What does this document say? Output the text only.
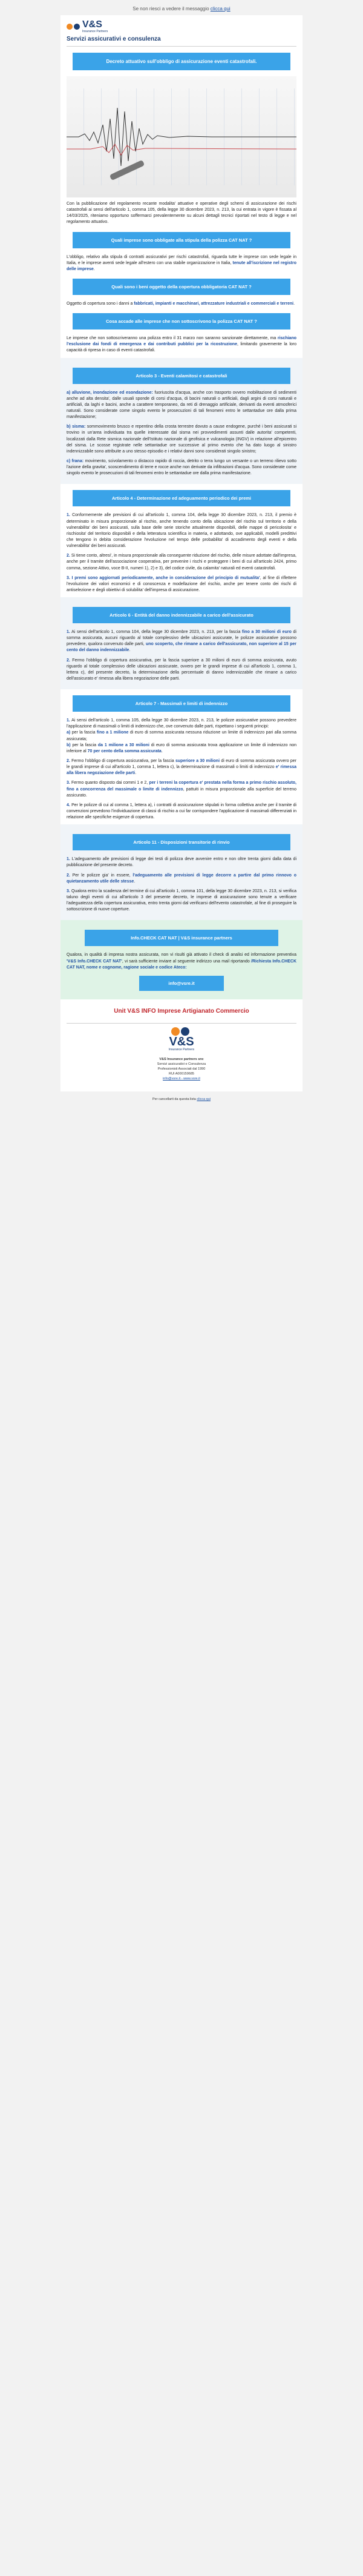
Se non riesci a vedere il messaggio clicca qui
V&S
Insurance Partners
Servizi assicurativi e consulenza
Decreto attuativo sull'obbligo di assicurazione eventi catastrofali.

Con la pubblicazione del regolamento recante modalita' attuative e operative degli schemi di assicurazione dei rischi catastrofali ai sensi dell'articolo 1, comma 105, della legge 30 dicembre 2023, n. 213, la cui entrata in vigore è fissata al 14/03/2025, riteniamo opportuno soffermarci prevalentemente su alcuni dettagli tecnici riportati nel testo di legge e nel regolamento attuativo.

Quali imprese sono obbligate alla stipula della polizza CAT NAT ?

L'obbligo, relativo alla stipula di contratti assicurativi per rischi catastrofali, riguarda tutte le imprese con sede legale in Italia, e le imprese aventi sede legale all'estero con una stabile organizzazione in Italia, tenute all'iscrizione nel registro delle imprese.

Quali sono i beni oggetto della copertura obbligatoria CAT NAT ?

Oggetto di copertura sono i danni a fabbricati, impianti e macchinari, attrezzature industriali e commerciali e terreni.

Cosa accade alle imprese che non sottoscrivono la polizza CAT NAT ?

Le imprese che non sottoscriveranno una polizza entro il 31 marzo non saranno sanzionate direttamente, ma rischiano l'esclusione dai fondi di emergenza e dai contributi pubblici per la ricostruzione, limitando gravemente la loro capacità di ripresa in caso di eventi catastrofali.

Articolo 3 - Eventi calamitosi e catastrofali

a) alluvione, inondazione ed esondazione: fuoriuscita d'acqua, anche con trasporto ovvero mobilitazione di sedimenti anche ad alta densita', dalle usuali sponde di corsi d'acqua, di bacini naturali o artificiali, dagli argini di corsi naturali e artificiali, da laghi e bacini, anche a carattere temporaneo, da reti di drenaggio artificiale, derivanti da eventi atmosferici naturali. Sono considerate come singolo evento le prosecuzioni di tali fenomeni entro le settantadue ore dalla prima manifestazione;

b) sisma: sommovimento brusco e repentino della crosta terrestre dovuto a cause endogene, purché i beni assicurati si trovino in un'area individuata tra quelle interessate dal sisma nei provvedimenti assunti dalle autorita' competenti, localizzati dalla Rete sismica nazionale dell'Istituto nazionale di geofisica e vulcanologia (INGV) in relazione all'epicentro del sisma. Le scosse registrate nelle settantadue ore successive al primo evento che ha dato luogo al sinistro indennizzabile sono attribuite a uno stesso episodio e i relativi danni sono considerati singolo sinistro;

c) frana: movimento, scivolamento o distacco rapido di roccia, detrito o terra lungo un versante o un terreno rilievo sotto l'azione della gravita', scoscendimento di terre e rocce anche non derivate da infiltrazioni d'acqua. Sono considerate come singolo evento le prosecuzioni di tali fenomeni entro le settantadue ore dalla prima manifestazione.

Articolo 4 - Determinazione ed adeguamento periodico dei premi

1. Conformemente alle previsioni di cui all'articolo 1, comma 104, della legge 30 dicembre 2023, n. 213, il premio è determinato in misura proporzionale al rischio, anche tenendo conto della ubicazione del rischio sul territorio e della vulnerabilita' dei beni assicurati, sulla base delle serie storiche attualmente disponibili, delle mappe di pericolosita' e rischiosita' del territorio disponibili e della letteratura scientifica in materia, e adottando, ove applicabili, modelli predittivi che tengono in debita considerazione l'evoluzione nel tempo delle probabilita' di accadimento degli eventi e della vulnerabilita' dei beni assicurati.

2. Si tiene conto, altresi', in misura proporzionale alla conseguente riduzione del rischio, delle misure adottate dall'impresa, anche per il tramite dell'associazione cooperativa, per prevenire i rischi e proteggere i beni di cui all'articolo 2424, primo comma, sezione Attivo, voce B-II, numeri 1), 2) e 3), del codice civile, da calamita' naturali ed eventi catastrofali.

3. I premi sono aggiornati periodicamente, anche in considerazione del principio di mutualita', al fine di riflettere l'evoluzione dei valori economici e di conoscenza e modellazione del rischio, anche per tenere conto dei rischi di antiselezione e degli obiettivi di solubilita' dell'impresa di assicurazione.

Articolo 6 - Entità del danno indennizzabile a carico dell'assicurato

1. Ai sensi dell'articolo 1, comma 104, della legge 30 dicembre 2023, n. 213, per la fascia fino a 30 milioni di euro di somma assicurata, aucuni riguardo al totale complessivo delle ubicazioni assicurate, le polizze assicurative possono prevedere, qualora convenuto dalle parti, uno scoperto, che rimane a carico dell'assicurato, non superiore al 15 per cento del danno indennizzabile.

2. Fermo l'obbligo di copertura assicurativa, per la fascia superiore a 30 milioni di euro di somma assicurata, avuto riguardo al totale complessivo delle ubicazioni assicurate, ovvero per le grandi imprese di cui all'articolo 1, comma 1, lettera c), del presente decreto, la determinazione della percentuale di danno indennizzabile che rimane a carico dell'assicurato e' rimessa alla libera negoziazione delle parti.

Articolo 7 - Massimali e limiti di indennizzo

1. Ai sensi dell'articolo 1, comma 105, della legge 30 dicembre 2023, n. 213, le polizze assicurative possono prevedere l'applicazione di massimali o limiti di indennizzo che, ove convenuto dalle parti, rispettano i seguenti principi:
a) per la fascia fino a 1 milione di euro di somma assicurata nessuna riduzione un limite di indennizzo pari alla somma assicurata;
b) per la fascia da 1 milione a 30 milioni di euro di somma assicurata trova applicazione un limite di indennizzo non inferiore al 70 per cento della somma assicurata.

2. Fermo l'obbligo di copertura assicurativa, per la fascia superiore a 30 milioni di euro di somma assicurata ovvero per le grandi imprese di cui all'articolo 1, comma 1, lettera c), la determinazione di massimali o limiti di indennizzo e' rimessa alla libera negoziazione delle parti.

3. Fermo quanto disposto dai commi 1 e 2, per i terreni la copertura e' prestata nella forma a primo rischio assoluto, fino a concorrenza del massimale o limite di indennizzo, pattuiti in misura proporzionale alla superficie del terreno assicurato.

4. Per le polizze di cui al comma 1, lettera a), i contratti di assicurazione stipulati in forma collettiva anche per il tramite di convenzioni prevedono l'individuazione di classi di rischio a cui far corrispondere l'applicazione di massimali differenziati in relazione alle specifiche esigenze di copertura.

Articolo 11 - Disposizioni transitorie di rinvio

1. L'adeguamento alle previsioni di legge dei testi di polizza deve avvenire entro e non oltre trenta giorni dalla data di pubblicazione del presente decreto.

2. Per le polizze gia' in essere, l'adeguamento alle previsioni di legge decorre a partire dal primo rinnovo o quietanzamento utile delle stesse.

3. Qualora entro la scadenza del termine di cui all'articolo 1, comma 101, della legge 30 dicembre 2023, n. 213, si verifica taluno degli eventi di cui all'articolo 3 del presente decreto, le imprese di assicurazione sono tenute a verificare l'adeguatezza della copertura assicurativa, entro trenta giorni dal verificarsi dell'evento catastrofale, al fine di proseguire la sottoscrizione di nuove coperture.

Info.CHECK CAT NAT | V&S insurance partners

Qualora, in qualità di impresa nostra assicurata, non vi risulti già attivato il check di analisi ed informazione preventiva 'V&S Info.CHECK CAT NAT', vi sarà sufficiente inviare al seguente indirizzo una mail riportando /Richiesta Info.CHECK CAT NAT, nome e cognome, ragione sociale e codice Ateco:

info@vsre.it
Unit V&S INFO Imprese Artigianato Commercio
V&S
Insurance Partners
V&S Insurance partners snc
Servizi assicurativi e Consulenza
Professionisti Associati dal 1990
RUI A000159685
info@vsre.it - www.vsre.it
Per cancellarti da questa lista clicca qui
